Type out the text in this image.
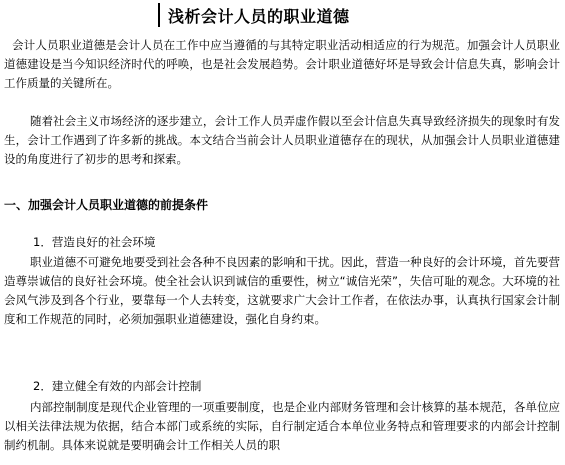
浅析会计人员的职业道德

会计人员职业道德是会计人员在工作中应当遵循的与其特定职业活动相适应的行为规范。加强会计人员职业道德建设是当今知识经济时代的呼唤，也是社会发展趋势。会计职业道德好坏是导致会计信息失真，影响会计工作质量的关键所在。

随着社会主义市场经济的逐步建立，会计工作人员弄虚作假以至会计信息失真导致经济损失的现象时有发生，会计工作遇到了许多新的挑战。本文结合当前会计人员职业道德存在的现状，从加强会计人员职业道德建设的角度进行了初步的思考和探索。

一、加强会计人员职业道德的前提条件
1．营造良好的社会环境

职业道德不可避免地要受到社会各种不良因素的影响和干扰。因此，营造一种良好的会计环境，首先要营造尊崇诚信的良好社会环境。使全社会认识到诚信的重要性，树立“诚信光荣”，失信可耻的观念。大环境的社会风气涉及到各个行业，要靠每一个人去转变，这就要求广大会计工作者，在依法办事，认真执行国家会计制度和工作规范的同时，必须加强职业道德建设，强化自身约束。

2．建立健全有效的内部会计控制

内部控制制度是现代企业管理的一项重要制度，也是企业内部财务管理和会计核算的基本规范，各单位应以相关法律法规为依据，结合本部门或系统的实际，自行制定适合本单位业务特点和管理要求的内部会计控制制约机制。具体来说就是要明确会计工作相关人员的职
